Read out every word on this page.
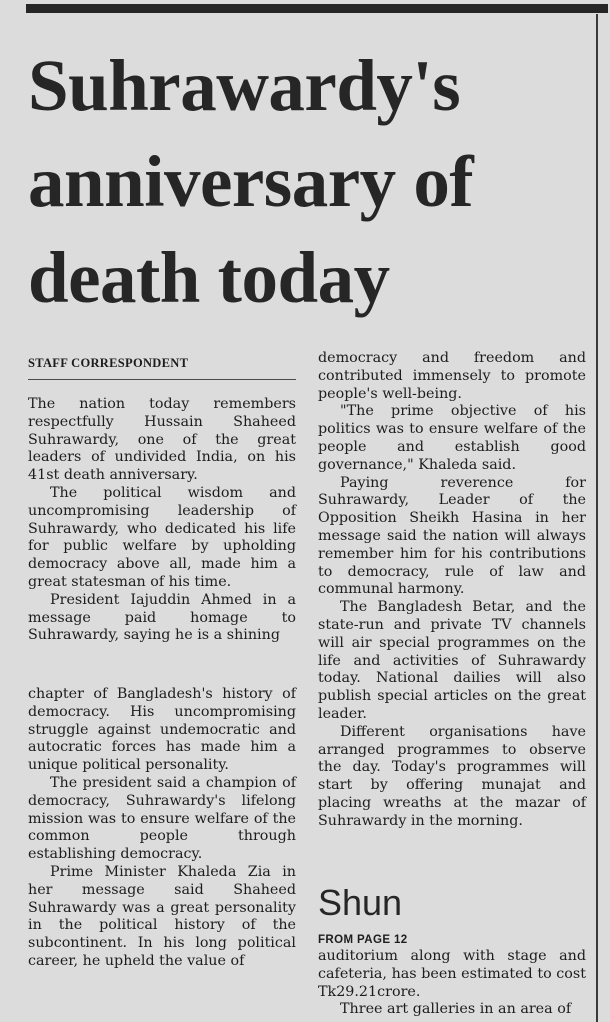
Suhrawardy's anniversary of death today
STAFF CORRESPONDENT

The nation today remembers respectfully Hussain Shaheed Suhrawardy, one of the great leaders of undivided India, on his 41st death anniversary.

The political wisdom and uncompromising leadership of Suhrawardy, who dedicated his life for public welfare by upholding democracy above all, made him a great statesman of his time.

President Iajuddin Ahmed in a message paid homage to Suhrawardy, saying he is a shining

chapter of Bangladesh's history of democracy. His uncompromising struggle against undemocratic and autocratic forces has made him a unique political personality.

The president said a champion of democracy, Suhrawardy's lifelong mission was to ensure welfare of the common people through establishing democracy.

Prime Minister Khaleda Zia in her message said Shaheed Suhrawardy was a great personality in the political history of the subcontinent. In his long political career, he upheld the value of

democracy and freedom and contributed immensely to promote people's well-being.

"The prime objective of his politics was to ensure welfare of the people and establish good governance," Khaleda said.

Paying reverence for Suhrawardy, Leader of the Opposition Sheikh Hasina in her message said the nation will always remember him for his contributions to democracy, rule of law and communal harmony.

The Bangladesh Betar, and the state-run and private TV channels will air special programmes on the life and activities of Suhrawardy today. National dailies will also publish special articles on the great leader.

Different organisations have arranged programmes to observe the day. Today's programmes will start by offering munajat and placing wreaths at the mazar of Suhrawardy in the morning.

Shun
FROM PAGE 12

auditorium along with stage and cafeteria, has been estimated to cost Tk29.21crore.

Three art galleries in an area of
